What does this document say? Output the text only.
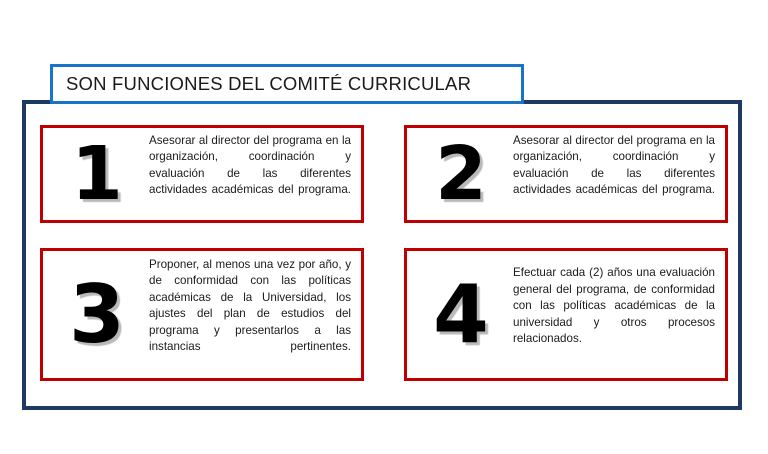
SON FUNCIONES DEL COMITÉ CURRICULAR
1 Asesorar al director del programa en la organización, coordinación y evaluación de las diferentes actividades académicas del programa. 2 Asesorar al director del programa en la organización, coordinación y evaluación de las diferentes actividades académicas del programa.
3
Proponer, al menos una vez por año, y de conformidad con las políticas académicas de la Universidad, los ajustes del plan de estudios del programa y presentarlos a las instancias pertinentes. 4 Efectuar cada (2) años una evaluación general del programa, de conformidad con las políticas académicas de la universidad y otros procesos relacionados.
